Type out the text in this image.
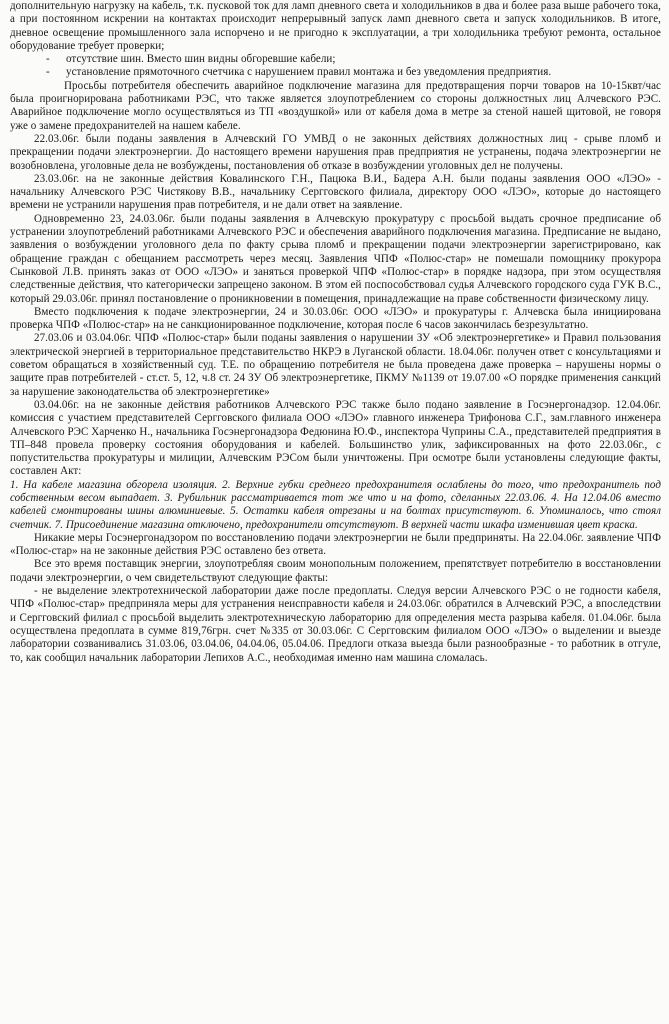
дополнительную нагрузку на кабель, т.к. пусковой ток для ламп дневного света и холодильников в два и более раза выше рабочего тока, а при постоянном искрении на контактах происходит непрерывный запуск ламп дневного света и запуск холодильников. В итоге, дневное освещение промышленного зала испорчено и не пригодно к эксплуатации, а три холодильника требуют ремонта, остальное оборудование требует проверки;

- отсутствие шин. Вместо шин видны обгоревшие кабели;

- установление прямоточного счетчика с нарушением правил монтажа и без уведомления предприятия.

Просьбы потребителя обеспечить аварийное подключение магазина для предотвращения порчи товаров на 10-15квт/час была проигнорирована работниками РЭС, что также является злоупотреблением со стороны должностных лиц Алчевского РЭС. Аварийное подключение могло осуществляться из ТП «воздушкой» или от кабеля дома в метре за стеной нашей щитовой, не говоря уже о замене предохранителей на нашем кабеле.

22.03.06г. были поданы заявления в Алчевский ГО УМВД о не законных действиях должностных лиц - срыве пломб и прекращении подачи электроэнергии. До настоящего времени нарушения прав предприятия не устранены, подача электроэнергии не возобновлена, уголовные дела не возбуждены, постановления об отказе в возбуждении уголовных дел не получены.

23.03.06г. на не законные действия Ковалинского Г.Н., Пацюка В.И., Бадера А.Н. были поданы заявления ООО «ЛЭО» - начальнику Алчевского РЭС Чистякову В.В., начальнику Сергговского филиала, директору ООО «ЛЭО», которые до настоящего времени не устранили нарушения прав потребителя, и не дали ответ на заявление.

Одновременно 23, 24.03.06г. были поданы заявления в Алчевскую прокуратуру с просьбой выдать срочное предписание об устранении злоупотреблений работниками Алчевского РЭС и обеспечения аварийного подключения магазина. Предписание не выдано, заявления о возбуждении уголовного дела по факту срыва пломб и прекращении подачи электроэнергии зарегистрировано, как обращение граждан с обещанием рассмотреть через месяц. Заявления ЧПФ «Полюс-стар» не помешали помощнику прокурора Сынковой Л.В. принять заказ от ООО «ЛЭО» и заняться проверкой ЧПФ «Полюс-стар» в порядке надзора, при этом осуществляя следственные действия, что категорически запрещено законом. В этом ей поспособствовал судья Алчевского городского суда ГУК В.С., который 29.03.06г. принял постановление о проникновении в помещения, принадлежащие на праве собственности физическому лицу.

Вместо подключения к подаче электроэнергии, 24 и 30.03.06г. ООО «ЛЭО» и прокуратуры г. Алчевска была инициирована проверка ЧПФ «Полюс-стар» на не санкционированное подключение, которая после 6 часов закончилась безрезультатно.

27.03.06 и 03.04.06г. ЧПФ «Полюс-стар» были поданы заявления о нарушении ЗУ «Об электроэнергетике» и Правил пользования электрической энергией в территориальное представительство НКРЭ в Луганской области. 18.04.06г. получен ответ с консультациями и советом обращаться в хозяйственный суд. Т.Е. по обращению потребителя не была проведена даже проверка – нарушены нормы о защите прав потребителей - ст.ст. 5, 12, ч.8 ст. 24 ЗУ Об электроэнергетике, ПКМУ №1139 от 19.07.00 «О порядке применения санкций за нарушение законодательства об электроэнергетике»

03.04.06г. на не законные действия работников Алчевского РЭС также было подано заявление в Госэнергонадзор. 12.04.06г. комиссия с участием представителей Сергговского филиала ООО «ЛЭО» главного инженера Трифонова С.Г., зам.главного инженера Алчевского РЭС Харченко Н., начальника Госэнергонадзора Федюнина Ю.Ф., инспектора Чуприны С.А., представителей предприятия в ТП–848 провела проверку состояния оборудования и кабелей. Большинство улик, зафиксированных на фото 22.03.06г., с попустительства прокуратуры и милиции, Алчевским РЭСом были уничтожены. При осмотре были установлены следующие факты, составлен Акт:

1. На кабеле магазина обгорела изоляция. 2. Верхние губки среднего предохранителя ослаблены до того, что предохранитель под собственным весом выпадает. 3. Рубильник рассматривается тот же что и на фото, сделанных 22.03.06. 4. На 12.04.06 вместо кабелей смонтированы шины алюминиевые. 5. Остатки кабеля отрезаны и на болтах присутствуют. 6. Упоминалось, что стоял счетчик. 7. Присоединение магазина отключено, предохранители отсутствуют. В верхней части шкафа изменившая цвет краска.

Никакие меры Госэнергонадзором по восстановлению подачи электроэнергии не были предприняты. На 22.04.06г. заявление ЧПФ «Полюс-стар» на не законные действия РЭС оставлено без ответа.

Все это время поставщик энергии, злоупотребляя своим монопольным положением, препятствует потребителю в восстановлении подачи электроэнергии, о чем свидетельствуют следующие факты:

- не выделение электротехнической лаборатории даже после предоплаты. Следуя версии Алчевского РЭС о не годности кабеля, ЧПФ «Полюс-стар» предприняла меры для устранения неисправности кабеля и 24.03.06г. обратился в Алчевский РЭС, а впоследствии и Сергговский филиал с просьбой выделить электротехническую лабораторию для определения места разрыва кабеля. 01.04.06г. была осуществлена предоплата в сумме 819,76грн. счет №335 от 30.03.06г. С Сергговским филиалом ООО «ЛЭО» о выделении и выезде лаборатории созванивались 31.03.06, 03.04.06, 04.04.06, 05.04.06. Предлоги отказа выезда были разнообразные - то работник в отгуле, то, как сообщил начальник лаборатории Лепихов А.С., необходимая именно нам машина сломалась.
